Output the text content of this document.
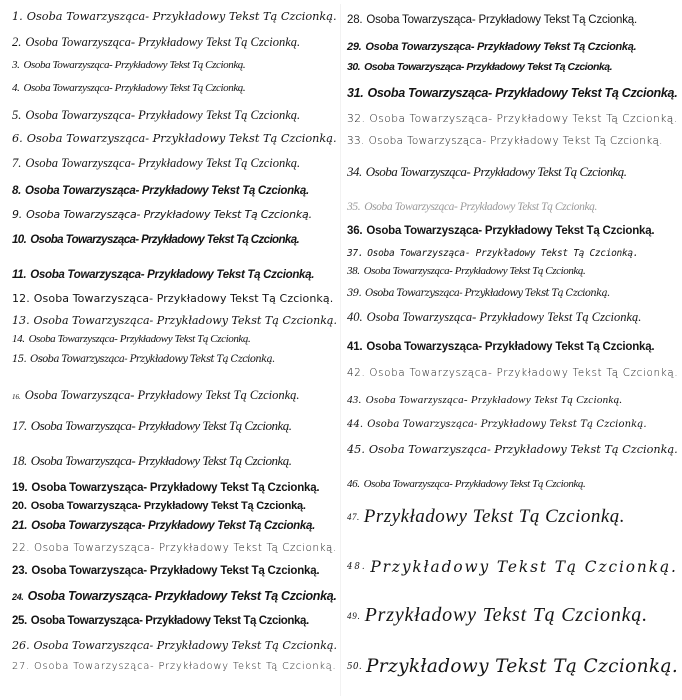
1. Osoba Towarzysząca- Przykładowy Tekst Tą Czcionką.
2. Osoba Towarzysząca- Przykładowy Tekst Tą Czcionką.
3. Osoba Towarzysząca- Przykładowy Tekst Tą Czcionką.
4. Osoba Towarzysząca- Przykładowy Tekst Tą Czcionką.
5. Osoba Towarzysząca- Przykładowy Tekst Tą Czcionką.
6. Osoba Towarzysząca- Przykładowy Tekst Tą Czcionką.
7. Osoba Towarzysząca- Przykładowy Tekst Tą Czcionką.
8. Osoba Towarzysząca- Przykładowy Tekst Tą Czcionką.
9. Osoba Towarzysząca- Przykładowy Tekst Tą Czcionką.
10. Osoba Towarzysząca- Przykładowy Tekst Tą Czcionką.
11. Osoba Towarzysząca- Przykładowy Tekst Tą Czcionką.
12. Osoba Towarzysząca- Przykładowy Tekst Tą Czcionką.
13. Osoba Towarzysząca- Przykładowy Tekst Tą Czcionką.
14. Osoba Towarzysząca- Przykładowy Tekst Tą Czcionką.
15. Osoba Towarzysząca- Przykładowy Tekst Tą Czcionką.
16. Osoba Towarzysząca- Przykładowy Tekst Tą Czcionką.
17. Osoba Towarzysząca- Przykładowy Tekst Tą Czcionką.
18. Osoba Towarzysząca- Przykładowy Tekst Tą Czcionką.
19. Osoba Towarzysząca- Przykładowy Tekst Tą Czcionką.
20. Osoba Towarzysząca- Przykładowy Tekst Tą Czcionką.
21. Osoba Towarzysząca- Przykładowy Tekst Tą Czcionką.
22. Osoba Towarzysząca- Przykładowy Tekst Tą Czcionką.
23. Osoba Towarzysząca- Przykładowy Tekst Tą Czcionką.
24. Osoba Towarzysząca- Przykładowy Tekst Tą Czcionką.
25. Osoba Towarzysząca- Przykładowy Tekst Tą Czcionką.
26. Osoba Towarzysząca- Przykładowy Tekst Tą Czcionką.
27. Osoba Towarzysząca- Przykładowy Tekst Tą Czcionką.
28. Osoba Towarzysząca- Przykładowy Tekst Tą Czcionką.
29. Osoba Towarzysząca- Przykładowy Tekst Tą Czcionką.
30. Osoba Towarzysząca- Przykładowy Tekst Tą Czcionką.
31. Osoba Towarzysząca- Przykładowy Tekst Tą Czcionką.
32. Osoba Towarzysząca- Przykładowy Tekst Tą Czcionką.
33. Osoba Towarzysząca- Przykładowy Tekst Tą Czcionką.
34. Osoba Towarzysząca- Przykładowy Tekst Tą Czcionką.
35. Osoba Towarzysząca- Przykładowy Tekst Tą Czcionką.
36. Osoba Towarzysząca- Przykładowy Tekst Tą Czcionką.
37. Osoba Towarzysząca- Przykładowy Tekst Tą Czcionką.
38. Osoba Towarzysząca- Przykładowy Tekst Tą Czcionką.
39. Osoba Towarzysząca- Przykładowy Tekst Tą Czcionką.
40. Osoba Towarzysząca- Przykładowy Tekst Tą Czcionką.
41. Osoba Towarzysząca- Przykładowy Tekst Tą Czcionką.
42. Osoba Towarzysząca- Przykładowy Tekst Tą Czcionką.
43. Osoba Towarzysząca- Przykładowy Tekst Tą Czcionką.
44. Osoba Towarzysząca- Przykładowy Tekst Tą Czcionką.
45. Osoba Towarzysząca- Przykładowy Tekst Tą Czcionką.
46. Osoba Towarzysząca- Przykładowy Tekst Tą Czcionką.
47. Przykładowy Tekst Tą Czcionką.
48. Przykładowy Tekst Tą Czcionką.
49. Przykładowy Tekst Tą Czcionką.
50. Przykładowy Tekst Tą Czcionką.
